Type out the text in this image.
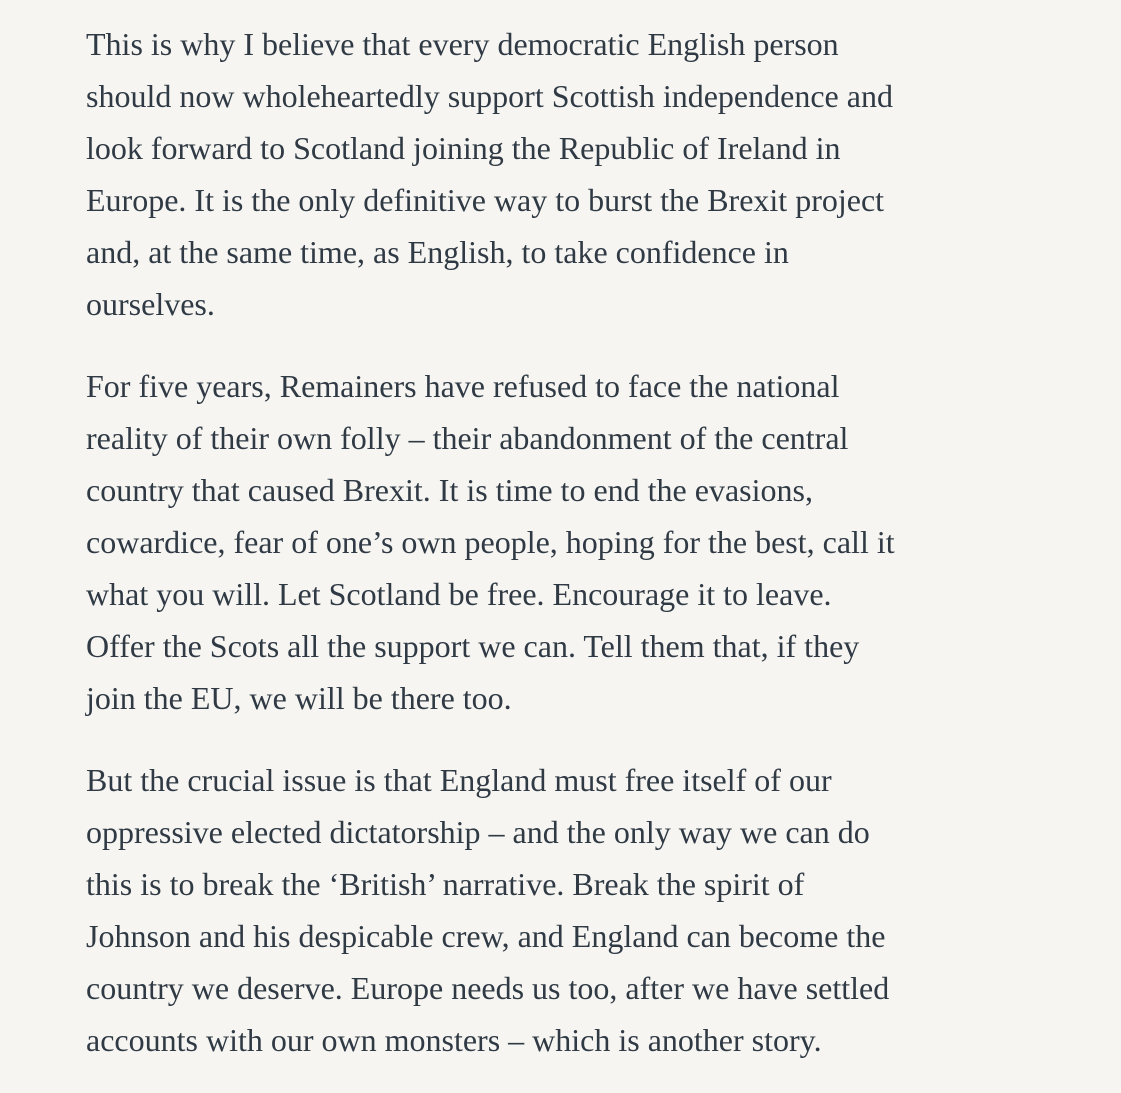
This is why I believe that every democratic English person
should now wholeheartedly support Scottish independence and
look forward to Scotland joining the Republic of Ireland in
Europe. It is the only definitive way to burst the Brexit project
and, at the same time, as English, to take confidence in
ourselves.

For five years, Remainers have refused to face the national
reality of their own folly – their abandonment of the central
country that caused Brexit. It is time to end the evasions,
cowardice, fear of one’s own people, hoping for the best, call it
what you will. Let Scotland be free. Encourage it to leave.
Offer the Scots all the support we can. Tell them that, if they
join the EU, we will be there too.

But the crucial issue is that England must free itself of our
oppressive elected dictatorship – and the only way we can do
this is to break the ‘British’ narrative. Break the spirit of
Johnson and his despicable crew, and England can become the
country we deserve. Europe needs us too, after we have settled
accounts with our own monsters – which is another story.
